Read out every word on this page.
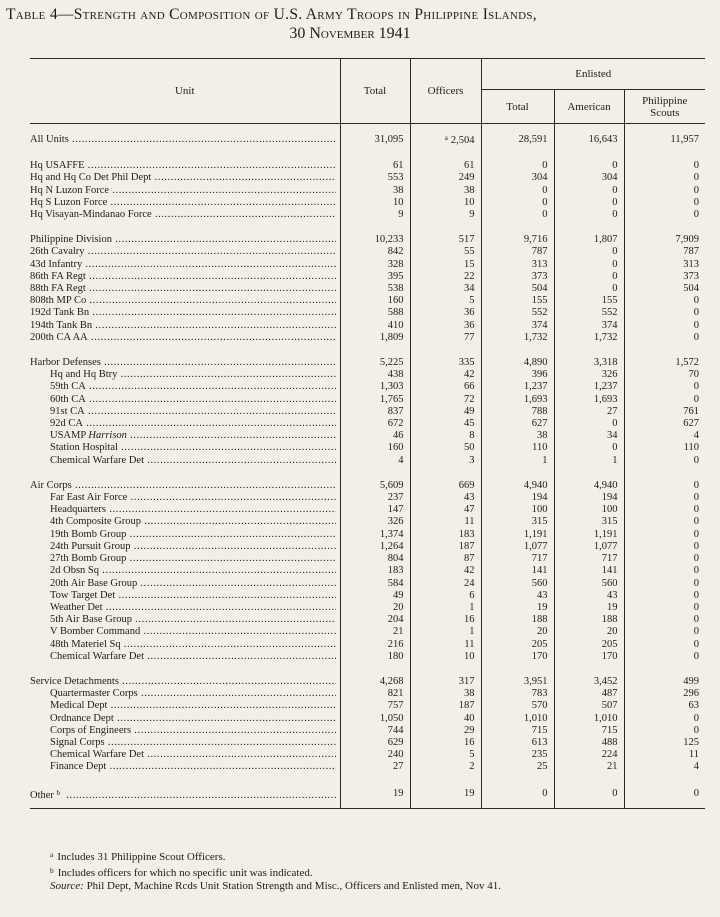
Table 4—Strength and Composition of U.S. Army Troops in Philippine Islands,
30 November 1941
Unit	Total	Officers	Enlisted		
			Total	American	Philippine
Scouts

All Units .....	31,095	$^a$ 2,504	28,591	16,643	11,957

Hq USAFFE .....	61	61	0	0	0

Hq and Hq Co Det Phil Dept .....	553	249	304	304	0

Hq N Luzon Force .....	38	38	0	0	0

Hq S Luzon Force .....	10	10	0	0	0

Hq Visayan-Mindanao Force .....	9	9	0	0	0

Philippine Division .....	10,233	517	9,716	1,807	7,909

26th Cavalry .....	842	55	787	0	787

43d Infantry .....	328	15	313	0	313

86th FA Regt .....	395	22	373	0	373

88th FA Regt .....	538	34	504	0	504

808th MP Co .....	160	5	155	155	0

192d Tank Bn .....	588	36	552	552	0

194th Tank Bn .....	410	36	374	374	0

200th CA AA .....	1,809	77	1,732	1,732	0

Harbor Defenses .....	5,225	335	4,890	3,318	1,572

Hq and Hq Btry .....	438	42	396	326	70

59th CA .....	1,303	66	1,237	1,237	0

60th CA .....	1,765	72	1,693	1,693	0

91st CA .....	837	49	788	27	761

92d CA .....	672	45	627	0	627

USAMP Harrison .....	46	8	38	34	4

Station Hospital .....	160	50	110	0	110

Chemical Warfare Det .....	4	3	1	1	0

Air Corps .....	5,609	669	4,940	4,940	0

Far East Air Force .....	237	43	194	194	0

Headquarters .....	147	47	100	100	0

4th Composite Group .....	326	11	315	315	0

19th Bomb Group .....	1,374	183	1,191	1,191	0

24th Pursuit Group .....	1,264	187	1,077	1,077	0

27th Bomb Group .....	804	87	717	717	0

2d Obsn Sq .....	183	42	141	141	0

20th Air Base Group .....	584	24	560	560	0

Tow Target Det .....	49	6	43	43	0

Weather Det .....	20	1	19	19	0

5th Air Base Group .....	204	16	188	188	0

V Bomber Command .....	21	1	20	20	0

48th Materiel Sq .....	216	11	205	205	0

Chemical Warfare Det .....	180	10	170	170	0

Service Detachments .....	4,268	317	3,951	3,452	499

Quartermaster Corps .....	821	38	783	487	296

Medical Dept .....	757	187	570	507	63

Ordnance Dept .....	1,050	40	1,010	1,010	0

Corps of Engineers .....	744	29	715	715	0

Signal Corps .....	629	16	613	488	125

Chemical Warfare Det .....	240	5	235	224	11

Finance Dept .....	27	2	25	21	4

Other $^b$ .....	19	19	0	0	0

$^a$ Includes 31 Philippine Scout Officers.
$^b$ Includes officers for which no specific unit was indicated.
Source: Phil Dept, Machine Rcds Unit Station Strength and Misc., Officers and Enlisted men, Nov 41.
